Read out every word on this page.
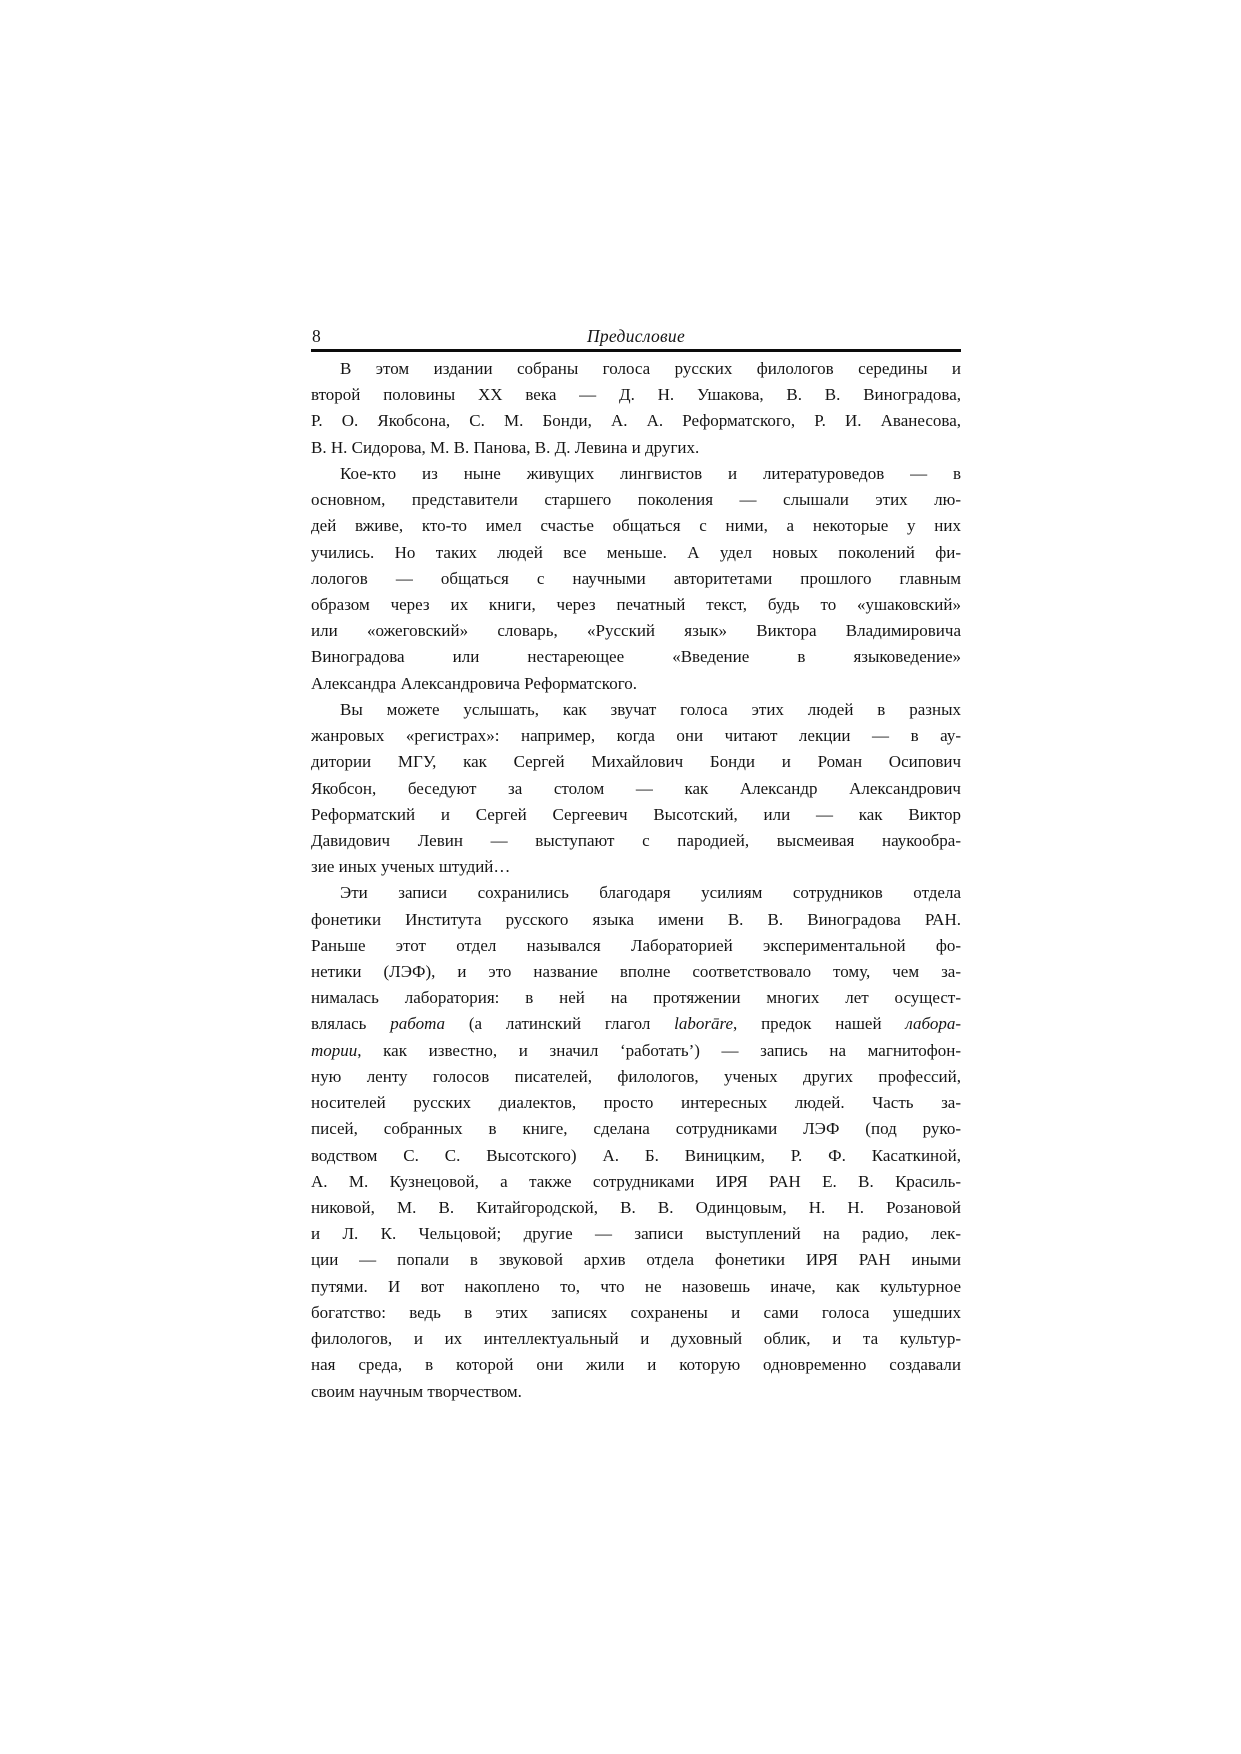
8	Предисловие
В этом издании собраны голоса русских филологов середины и
второй половины XX века — Д. Н. Ушакова, В. В. Виноградова,
Р. О. Якобсона, С. М. Бонди, А. А. Реформатского, Р. И. Аванесова,
В. Н. Сидорова, М. В. Панова, В. Д. Левина и других.
Кое-кто из ныне живущих лингвистов и литературоведов — в
основном, представители старшего поколения — слышали этих лю-
дей вживе, кто-то имел счастье общаться с ними, а некоторые у них
учились. Но таких людей все меньше. А удел новых поколений фи-
лологов — общаться с научными авторитетами прошлого главным
образом через их книги, через печатный текст, будь то «ушаковский»
или «ожеговский» словарь, «Русский язык» Виктора Владимировича
Виноградова или нестареющее «Введение в языковедение»
Александра Александровича Реформатского.
Вы можете услышать, как звучат голоса этих людей в разных
жанровых «регистрах»: например, когда они читают лекции — в ау-
дитории МГУ, как Сергей Михайлович Бонди и Роман Осипович
Якобсон, беседуют за столом — как Александр Александрович
Реформатский и Сергей Сергеевич Высотский, или — как Виктор
Давидович Левин — выступают с пародией, высмеивая наукообра-
зие иных ученых штудий…
Эти записи сохранились благодаря усилиям сотрудников отдела
фонетики Института русского языка имени В. В. Виноградова РАН.
Раньше этот отдел назывался Лабораторией экспериментальной фо-
нетики (ЛЭФ), и это название вполне соответствовало тому, чем за-
нималась лаборатория: в ней на протяжении многих лет осущест-
влялась работа (а латинский глагол laborāre, предок нашей лабора-
тории, как известно, и значил ‘работать’) — запись на магнитофон-
ную ленту голосов писателей, филологов, ученых других профессий,
носителей русских диалектов, просто интересных людей. Часть за-
писей, собранных в книге, сделана сотрудниками ЛЭФ (под руко-
водством С. С. Высотского) А. Б. Виницким, Р. Ф. Касаткиной,
А. М. Кузнецовой, а также сотрудниками ИРЯ РАН Е. В. Красиль-
никовой, М. В. Китайгородской, В. В. Одинцовым, Н. Н. Розановой
и Л. К. Чельцовой; другие — записи выступлений на радио, лек-
ции — попали в звуковой архив отдела фонетики ИРЯ РАН иными
путями. И вот накоплено то, что не назовешь иначе, как культурное
богатство: ведь в этих записях сохранены и сами голоса ушедших
филологов, и их интеллектуальный и духовный облик, и та культур-
ная среда, в которой они жили и которую одновременно создавали
своим научным творчеством.
